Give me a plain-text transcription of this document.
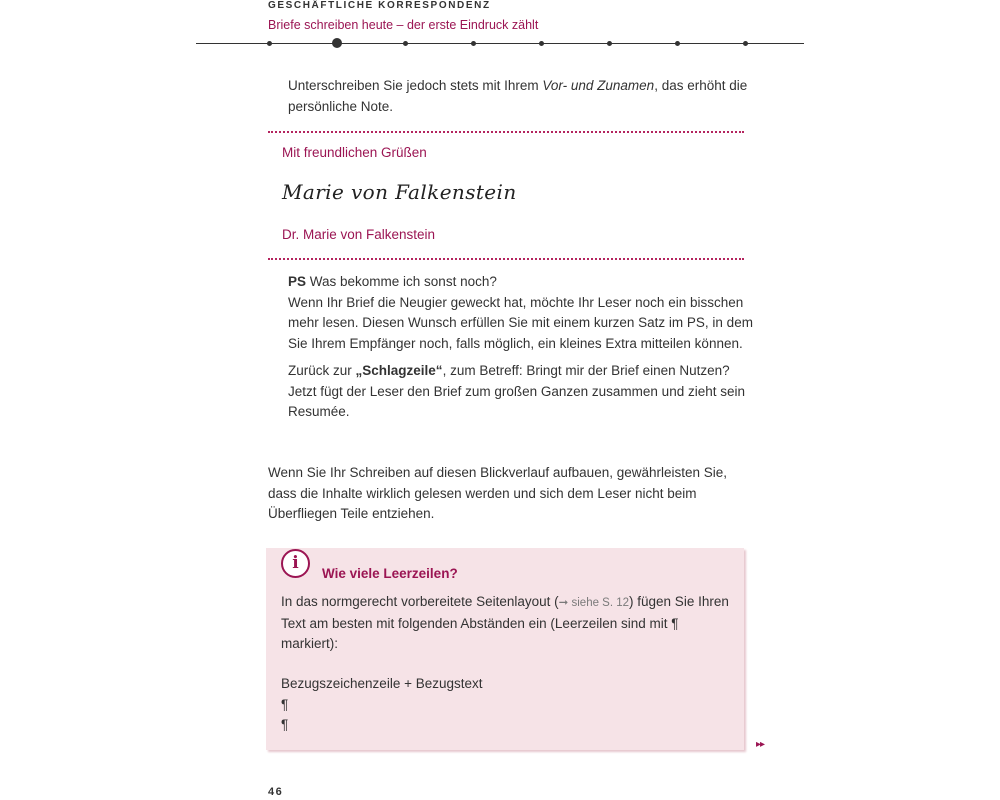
GESCHÄFTLICHE KORRESPONDENZ
Briefe schreiben heute – der erste Eindruck zählt

Unterschreiben Sie jedoch stets mit Ihrem Vor- und Zunamen, das erhöht die persönliche Note.

Mit freundlichen Grüßen
Marie von Falkenstein
Dr. Marie von Falkenstein

PS Was bekomme ich sonst noch?

Wenn Ihr Brief die Neugier geweckt hat, möchte Ihr Leser noch ein bisschen mehr lesen. Diesen Wunsch erfüllen Sie mit einem kurzen Satz im PS, in dem Sie Ihrem Empfänger noch, falls möglich, ein kleines Extra mitteilen können.

Zurück zur „Schlagzeile“, zum Betreff: Bringt mir der Brief einen Nutzen? Jetzt fügt der Leser den Brief zum großen Ganzen zusammen und zieht sein Resumée.

Wenn Sie Ihr Schreiben auf diesen Blickverlauf aufbauen, gewährleisten Sie, dass die Inhalte wirklich gelesen werden und sich dem Leser nicht beim Überfliegen Teile entziehen.
i
Wie viele Leerzeilen?

In das normgerecht vorbereitete Seitenlayout (➞ siehe S. 12) fügen Sie Ihren Text am besten mit folgenden Abständen ein (Leerzeilen sind mit ¶ markiert):

Bezugszeichenzeile + Bezugstext

¶

¶

▸▸
46
